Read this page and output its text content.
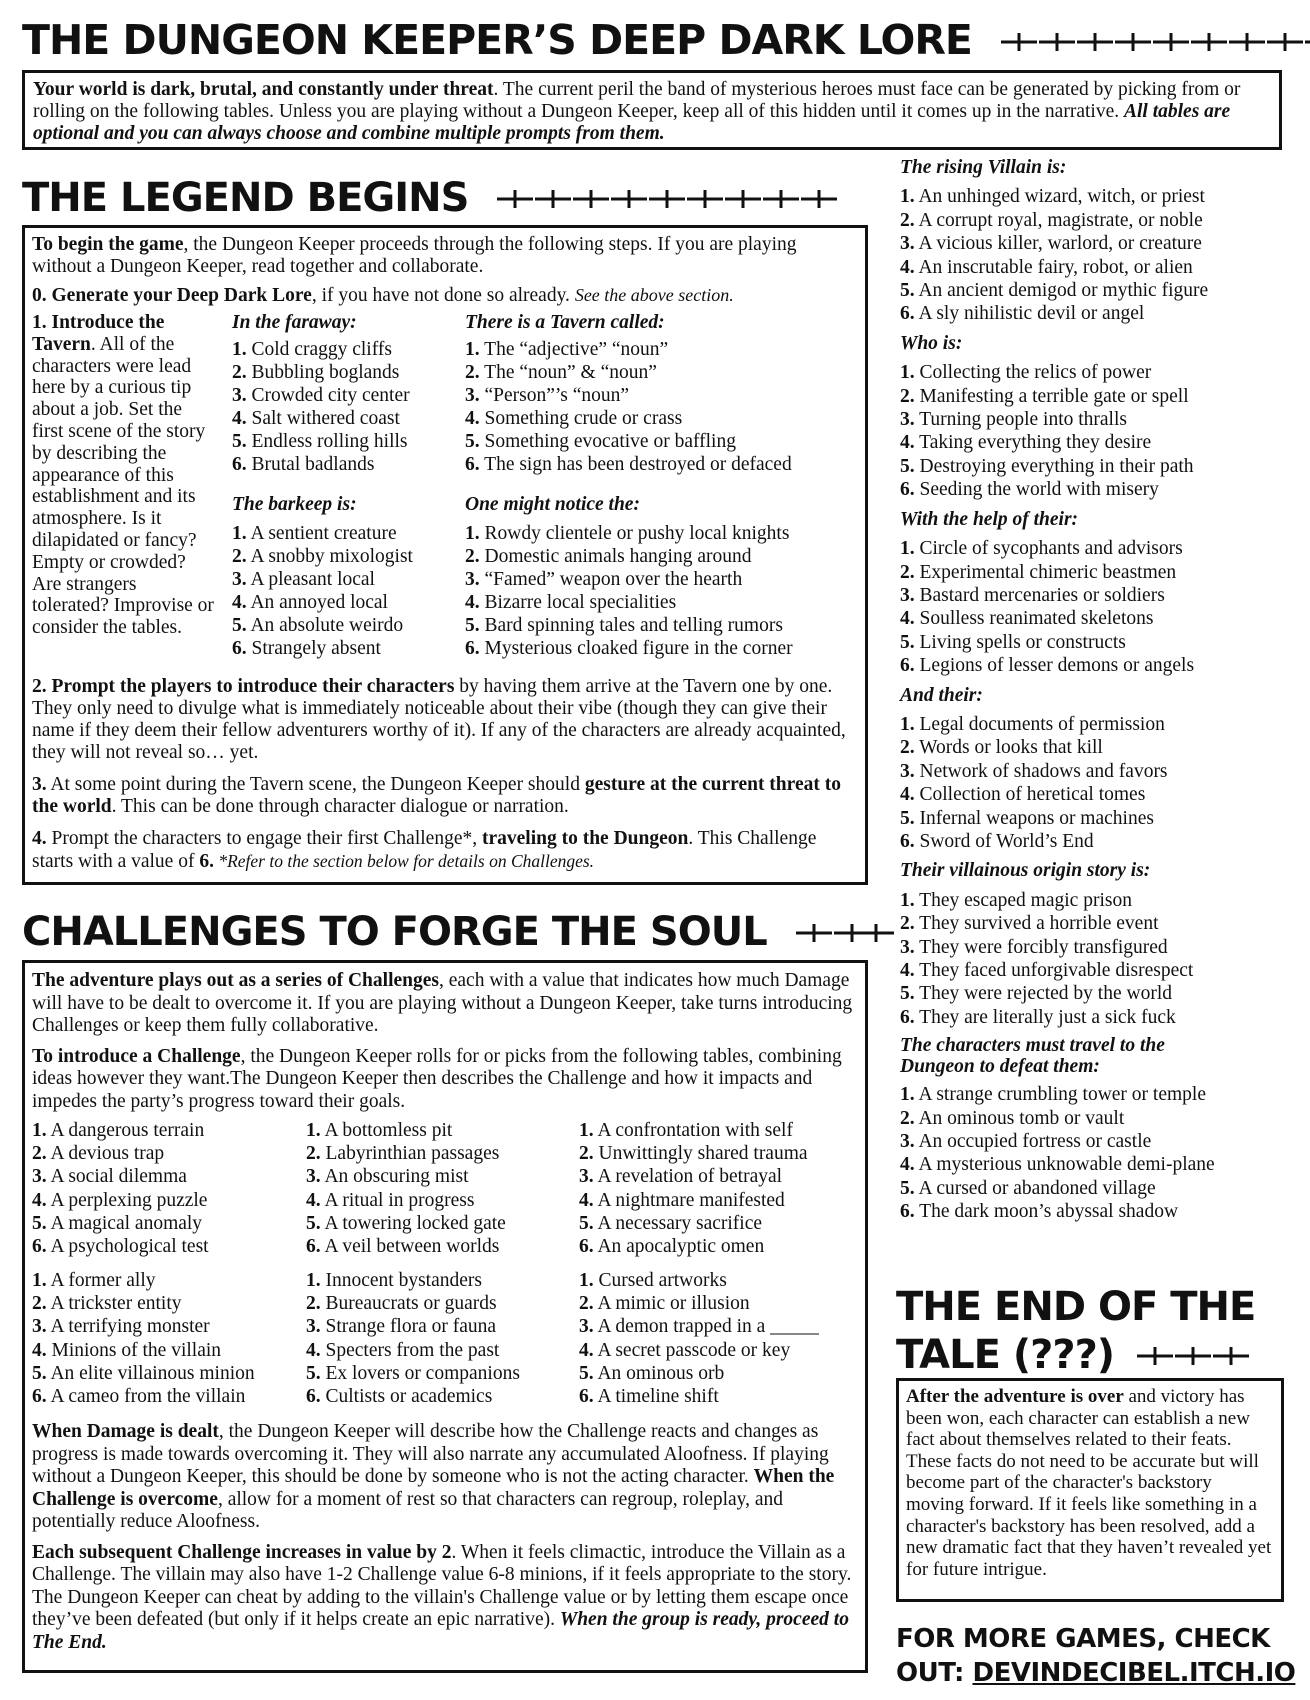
THE DUNGEON KEEPER’S DEEP DARK LORE

Your world is dark, brutal, and constantly under threat. The current peril the band of mysterious heroes must face can be generated by picking from or rolling on the following tables. Unless you are playing without a Dungeon Keeper, keep all of this hidden until it comes up in the narrative. All tables are optional and you can always choose and combine multiple prompts from them.

THE LEGEND BEGINS

To begin the game, the Dungeon Keeper proceeds through the following steps. If you are playing without a Dungeon Keeper, read together and collaborate.

0. Generate your Deep Dark Lore, if you have not done so already. See the above section.

1. Introduce the Tavern. All of the characters were lead here by a curious tip about a job. Set the first scene of the story by describing the appearance of this establishment and its atmosphere. Is it dilapidated or fancy? Empty or crowded? Are strangers tolerated? Improvise or consider the tables.

In the faraway:
1. Cold craggy cliffs
2. Bubbling boglands
3. Crowded city center
4. Salt withered coast
5. Endless rolling hills
6. Brutal badlands
There is a Tavern called:
1. The “adjective” “noun”
2. The “noun” & “noun”
3. “Person”’s “noun”
4. Something crude or crass
5. Something evocative or baffling
6. The sign has been destroyed or defaced
The barkeep is:
1. A sentient creature
2. A snobby mixologist
3. A pleasant local
4. An annoyed local
5. An absolute weirdo
6. Strangely absent
One might notice the:
1. Rowdy clientele or pushy local knights
2. Domestic animals hanging around
3. “Famed” weapon over the hearth
4. Bizarre local specialities
5. Bard spinning tales and telling rumors
6. Mysterious cloaked figure in the corner

2. Prompt the players to introduce their characters by having them arrive at the Tavern one by one. They only need to divulge what is immediately noticeable about their vibe (though they can give their name if they deem their fellow adventurers worthy of it). If any of the characters are already acquainted, they will not reveal so… yet.

3. At some point during the Tavern scene, the Dungeon Keeper should gesture at the current threat to the world. This can be done through character dialogue or narration.

4. Prompt the characters to engage their first Challenge*, traveling to the Dungeon. This Challenge starts with a value of 6. *Refer to the section below for details on Challenges.

The rising Villain is:
1. An unhinged wizard, witch, or priest
2. A corrupt royal, magistrate, or noble
3. A vicious killer, warlord, or creature
4. An inscrutable fairy, robot, or alien
5. An ancient demigod or mythic figure
6. A sly nihilistic devil or angel
Who is:
1. Collecting the relics of power
2. Manifesting a terrible gate or spell
3. Turning people into thralls
4. Taking everything they desire
5. Destroying everything in their path
6. Seeding the world with misery
With the help of their:
1. Circle of sycophants and advisors
2. Experimental chimeric beastmen
3. Bastard mercenaries or soldiers
4. Soulless reanimated skeletons
5. Living spells or constructs
6. Legions of lesser demons or angels
And their:
1. Legal documents of permission
2. Words or looks that kill
3. Network of shadows and favors
4. Collection of heretical tomes
5. Infernal weapons or machines
6. Sword of World’s End
Their villainous origin story is:
1. They escaped magic prison
2. They survived a horrible event
3. They were forcibly transfigured
4. They faced unforgivable disrespect
5. They were rejected by the world
6. They are literally just a sick fuck
The characters must travel to the Dungeon to defeat them:
1. A strange crumbling tower or temple
2. An ominous tomb or vault
3. An occupied fortress or castle
4. A mysterious unknowable demi-plane
5. A cursed or abandoned village
6. The dark moon’s abyssal shadow
CHALLENGES TO FORGE THE SOUL

The adventure plays out as a series of Challenges, each with a value that indicates how much Damage will have to be dealt to overcome it. If you are playing without a Dungeon Keeper, take turns introducing Challenges or keep them fully collaborative.

To introduce a Challenge, the Dungeon Keeper rolls for or picks from the following tables, combining ideas however they want.The Dungeon Keeper then describes the Challenge and how it impacts and impedes the party’s progress toward their goals.

1. A dangerous terrain
2. A devious trap
3. A social dilemma
4. A perplexing puzzle
5. A magical anomaly
6. A psychological test
1. A bottomless pit
2. Labyrinthian passages
3. An obscuring mist
4. A ritual in progress
5. A towering locked gate
6. A veil between worlds
1. A confrontation with self
2. Unwittingly shared trauma
3. A revelation of betrayal
4. A nightmare manifested
5. A necessary sacrifice
6. An apocalyptic omen
1. A former ally
2. A trickster entity
3. A terrifying monster
4. Minions of the villain
5. An elite villainous minion
6. A cameo from the villain
1. Innocent bystanders
2. Bureaucrats or guards
3. Strange flora or fauna
4. Specters from the past
5. Ex lovers or companions
6. Cultists or academics
1. Cursed artworks
2. A mimic or illusion
3. A demon trapped in a _____
4. A secret passcode or key
5. An ominous orb
6. A timeline shift

When Damage is dealt, the Dungeon Keeper will describe how the Challenge reacts and changes as progress is made towards overcoming it. They will also narrate any accumulated Aloofness. If playing without a Dungeon Keeper, this should be done by someone who is not the acting character. When the Challenge is overcome, allow for a moment of rest so that characters can regroup, roleplay, and potentially reduce Aloofness.

Each subsequent Challenge increases in value by 2. When it feels climactic, introduce the Villain as a Challenge. The villain may also have 1-2 Challenge value 6-8 minions, if it feels appropriate to the story. The Dungeon Keeper can cheat by adding to the villain's Challenge value or by letting them escape once they’ve been defeated (but only if it helps create an epic narrative). When the group is ready, proceed to The End.

THE END OF THE
TALE (???)

After the adventure is over and victory has been won, each character can establish a new fact about themselves related to their feats. These facts do not need to be accurate but will become part of the character's backstory moving forward. If it feels like something in a character's backstory has been resolved, add a new dramatic fact that they haven’t revealed yet for future intrigue.

FOR MORE GAMES, CHECK
OUT: DEVINDECIBEL.ITCH.IO
